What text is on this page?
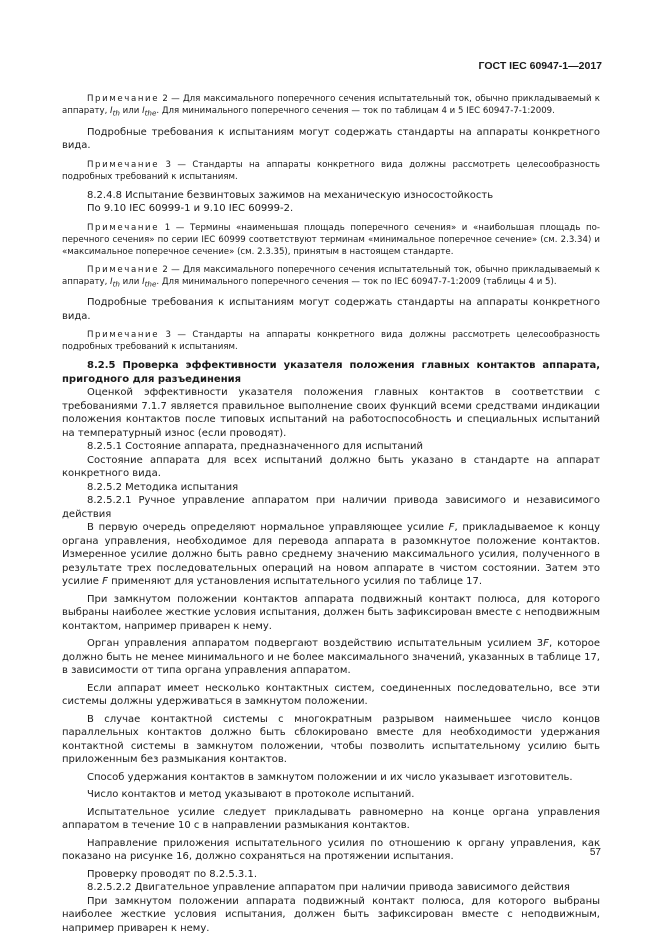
ГОСТ IEC 60947-1—2017

Примечание 2 — Для максимального поперечного сечения испытательный ток, обычно прикладываемый к аппарату, $I_{th}$ или $I_{the}$. Для минимального поперечного сечения — ток по таблицам 4 и 5 IEC 60947-7-1:2009.

Подробные требования к испытаниям могут содержать стандарты на аппараты конкретного вида.

Примечание 3 — Стандарты на аппараты конкретного вида должны рассмотреть целесообразность подробных требований к испытаниям.

8.2.4.8 Испытание безвинтовых зажимов на механическую износостойкость

По 9.10 IEC 60999-1 и 9.10 IEC 60999-2.

Примечание 1 — Термины «наименьшая площадь поперечного сечения» и «наибольшая площадь поперечного сечения» по серии IEC 60999 соответствуют терминам «минимальное поперечное сечение» (см. 2.3.34) и «максимальное поперечное сечение» (см. 2.3.35), принятым в настоящем стандарте.

Примечание 2 — Для максимального поперечного сечения испытательный ток, обычно прикладываемый к аппарату, $I_{th}$ или $I_{the}$. Для минимального поперечного сечения — ток по IEC 60947-7-1:2009 (таблицы 4 и 5).

Подробные требования к испытаниям могут содержать стандарты на аппараты конкретного вида.

Примечание 3 — Стандарты на аппараты конкретного вида должны рассмотреть целесообразность подробных требований к испытаниям.

8.2.5 Проверка эффективности указателя положения главных контактов аппарата, пригодного для разъединения

Оценкой эффективности указателя положения главных контактов в соответствии с требованиями 7.1.7 является правильное выполнение своих функций всеми средствами индикации положения контактов после типовых испытаний на работоспособность и специальных испытаний на температурный износ (если проводят).

8.2.5.1 Состояние аппарата, предназначенного для испытаний

Состояние аппарата для всех испытаний должно быть указано в стандарте на аппарат конкретного вида.

8.2.5.2 Методика испытания

8.2.5.2.1 Ручное управление аппаратом при наличии привода зависимого и независимого действия

В первую очередь определяют нормальное управляющее усилие F, прикладываемое к концу органа управления, необходимое для перевода аппарата в разомкнутое положение контактов. Измеренное усилие должно быть равно среднему значению максимального усилия, полученного в результате трех последовательных операций на новом аппарате в чистом состоянии. Затем это усилие F применяют для установления испытательного усилия по таблице 17.

При замкнутом положении контактов аппарата подвижный контакт полюса, для которого выбраны наиболее жесткие условия испытания, должен быть зафиксирован вместе с неподвижным контактом, например приварен к нему.

Орган управления аппаратом подвергают воздействию испытательным усилием 3F, которое должно быть не менее минимального и не более максимального значений, указанных в таблице 17, в зависимости от типа органа управления аппаратом.

Если аппарат имеет несколько контактных систем, соединенных последовательно, все эти системы должны удерживаться в замкнутом положении.

В случае контактной системы с многократным разрывом наименьшее число концов параллельных контактов должно быть сблокировано вместе для необходимости удержания контактной системы в замкнутом положении, чтобы позволить испытательному усилию быть приложенным без размыкания контактов.

Способ удержания контактов в замкнутом положении и их число указывает изготовитель.

Число контактов и метод указывают в протоколе испытаний.

Испытательное усилие следует прикладывать равномерно на конце органа управления аппаратом в течение 10 с в направлении размыкания контактов.

Направление приложения испытательного усилия по отношению к органу управления, как показано на рисунке 16, должно сохраняться на протяжении испытания.

Проверку проводят по 8.2.5.3.1.

8.2.5.2.2 Двигательное управление аппаратом при наличии привода зависимого действия

При замкнутом положении аппарата подвижный контакт полюса, для которого выбраны наиболее жесткие условия испытания, должен быть зафиксирован вместе с неподвижным, например приварен к нему.

57
